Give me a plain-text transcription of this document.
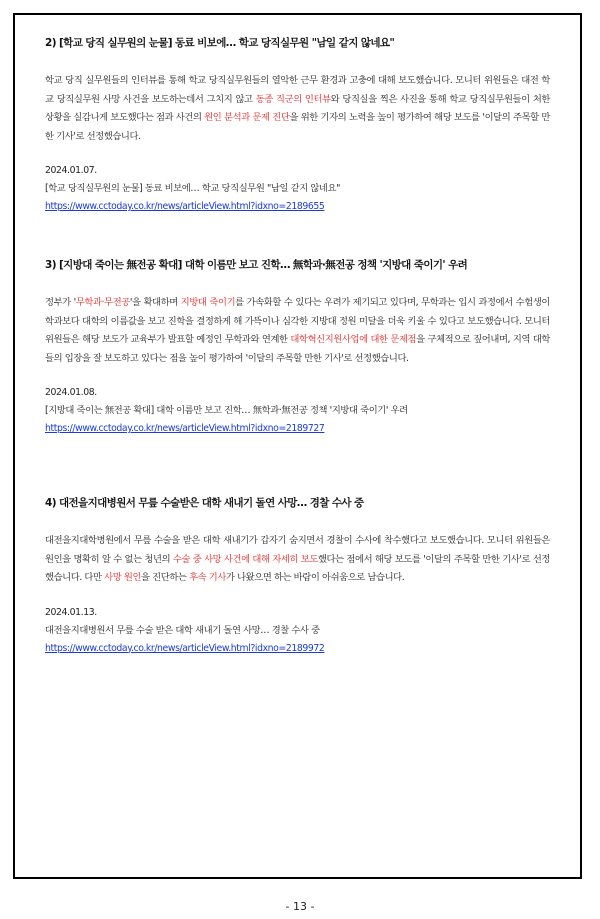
2) [학교 당직 실무원의 눈물] 동료 비보에… 학교 당직실무원 "남일 같지 않네요"
학교 당직 실무원들의 인터뷰를 통해 학교 당직실무원들의 열악한 근무 환경과 고충에 대해 보도했습니다. 모니터 위원들은 대전 학교 당직실무원 사망 사건을 보도하는데서 그치지 않고 동종 직군의 인터뷰와 당직실을 찍은 사진을 통해 학교 당직실무원들이 처한 상황을 실감나게 보도했다는 점과 사건의 원인 분석과 문제 진단을 위한 기자의 노력을 높이 평가하여 해당 보도를 '이달의 주목할 만한 기사'로 선정했습니다.
2024.01.07.
[학교 당직실무원의 눈물] 동료 비보에… 학교 당직실무원 "남일 같지 않네요"
https://www.cctoday.co.kr/news/articleView.html?idxno=2189655
3) [지방대 죽이는 無전공 확대] 대학 이름만 보고 진학… 無학과·無전공 정책 '지방대 죽이기' 우려
정부가 '무학과·무전공'을 확대하며 지방대 죽이기를 가속화할 수 있다는 우려가 제기되고 있다며, 무학과는 입시 과정에서 수험생이 학과보다 대학의 이름값을 보고 진학을 결정하게 해 가뜩이나 심각한 지방대 정원 미달을 더욱 키울 수 있다고 보도했습니다. 모니터 위원들은 해당 보도가 교육부가 발표할 예정인 무학과와 연계한 대학혁신지원사업에 대한 문제점을 구체적으로 짚어내며, 지역 대학들의 입장을 잘 보도하고 있다는 점을 높이 평가하여 '이달의 주목할 만한 기사'로 선정했습니다.
2024.01.08.
[지방대 죽이는 無전공 확대] 대학 이름만 보고 진학… 無학과·無전공 정책 '지방대 죽이기' 우려
https://www.cctoday.co.kr/news/articleView.html?idxno=2189727
4) 대전을지대병원서 무릎 수술받은 대학 새내기 돌연 사망… 경찰 수사 중
대전을지대학병원에서 무릎 수술을 받은 대학 새내기가 갑자기 숨지면서 경찰이 수사에 착수했다고 보도했습니다. 모니터 위원들은 원인을 명확히 알 수 없는 청년의 수술 중 사망 사건에 대해 자세히 보도했다는 점에서 해당 보도를 '이달의 주목할 만한 기사'로 선정했습니다. 다만 사망 원인을 진단하는 후속 기사가 나왔으면 하는 바람이 아쉬움으로 남습니다.
2024.01.13.
대전을지대병원서 무릎 수술 받은 대학 새내기 돌연 사망… 경찰 수사 중
https://www.cctoday.co.kr/news/articleView.html?idxno=2189972
- 13 -
